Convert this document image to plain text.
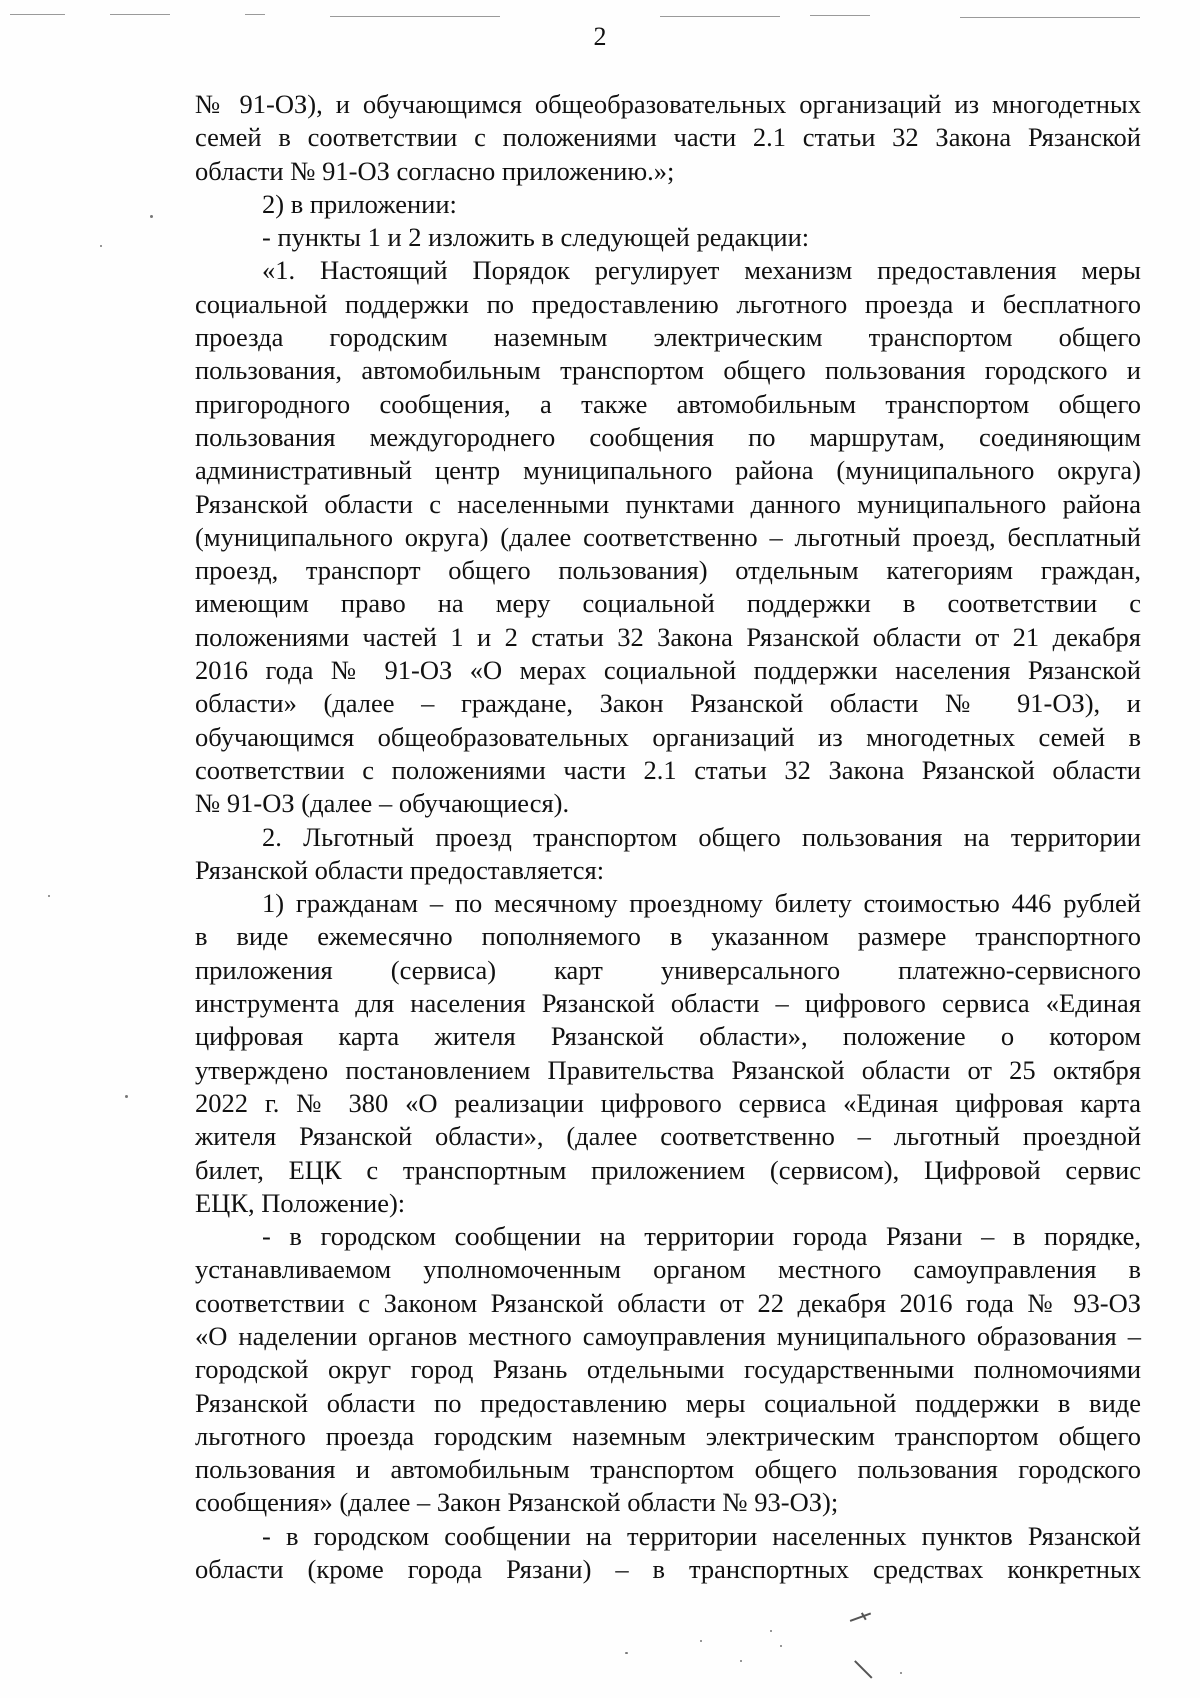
2

№ 91-ОЗ), и обучающимся общеобразовательных организаций из многодетных

семей в соответствии с положениями части 2.1 статьи 32 Закона Рязанской

области № 91-ОЗ согласно приложению.»;

2) в приложении:

- пункты 1 и 2 изложить в следующей редакции:

«1. Настоящий Порядок регулирует механизм предоставления меры

социальной поддержки по предоставлению льготного проезда и бесплатного

проезда городским наземным электрическим транспортом общего

пользования, автомобильным транспортом общего пользования городского и

пригородного сообщения, а также автомобильным транспортом общего

пользования междугороднего сообщения по маршрутам, соединяющим

административный центр муниципального района (муниципального округа)

Рязанской области с населенными пунктами данного муниципального района

(муниципального округа) (далее соответственно – льготный проезд, бесплатный

проезд, транспорт общего пользования) отдельным категориям граждан,

имеющим право на меру социальной поддержки в соответствии с

положениями частей 1 и 2 статьи 32 Закона Рязанской области от 21 декабря

2016 года № 91-ОЗ «О мерах социальной поддержки населения Рязанской

области» (далее – граждане, Закон Рязанской области № 91-ОЗ), и

обучающимся общеобразовательных организаций из многодетных семей в

соответствии с положениями части 2.1 статьи 32 Закона Рязанской области

№ 91-ОЗ (далее – обучающиеся).

2. Льготный проезд транспортом общего пользования на территории

Рязанской области предоставляется:

1) гражданам – по месячному проездному билету стоимостью 446 рублей

в виде ежемесячно пополняемого в указанном размере транспортного

приложения (сервиса) карт универсального платежно-сервисного

инструмента для населения Рязанской области – цифрового сервиса «Единая

цифровая карта жителя Рязанской области», положение о котором

утверждено постановлением Правительства Рязанской области от 25 октября

2022 г. № 380 «О реализации цифрового сервиса «Единая цифровая карта

жителя Рязанской области», (далее соответственно – льготный проездной

билет, ЕЦК с транспортным приложением (сервисом), Цифровой сервис

ЕЦК, Положение):

- в городском сообщении на территории города Рязани – в порядке,

устанавливаемом уполномоченным органом местного самоуправления в

соответствии с Законом Рязанской области от 22 декабря 2016 года № 93-ОЗ

«О наделении органов местного самоуправления муниципального образования –

городской округ город Рязань отдельными государственными полномочиями

Рязанской области по предоставлению меры социальной поддержки в виде

льготного проезда городским наземным электрическим транспортом общего

пользования и автомобильным транспортом общего пользования городского

сообщения» (далее – Закон Рязанской области № 93-ОЗ);

- в городском сообщении на территории населенных пунктов Рязанской

области (кроме города Рязани) – в транспортных средствах конкретных
